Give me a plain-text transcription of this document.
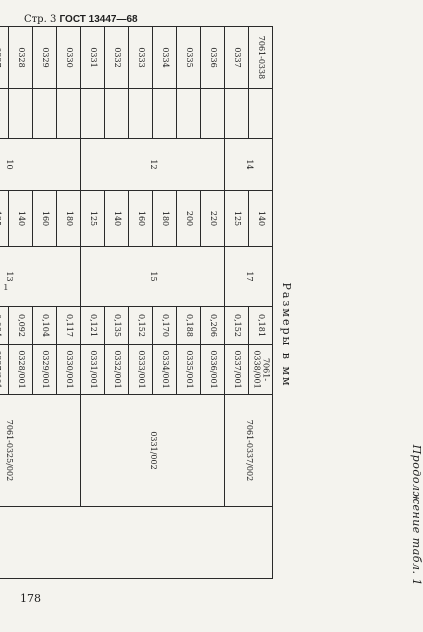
Стр. 3 ГОСТ 13447—68
ı
178
Продолжение табл. 1
Размеры в мм

		10		13			7061-0325/002	

0328			140		0,092	0328/001		
0329			160		0,104	0329/001		
0330			180		0,117	0330/001		
0331		12	125	15	0,121	0331/001	0331/002	
0332			140		0,135	0332/001		
0333			160		0,152	0333/001		
0334			180		0,170	0334/001		
0335			200		0,188	0335/001		
0336			220		0,206	0336/001		
0337		14	125	17	0,152	0337/001	7061-0337/002	
7061-0338			140		0,181	7061-0338/001		
